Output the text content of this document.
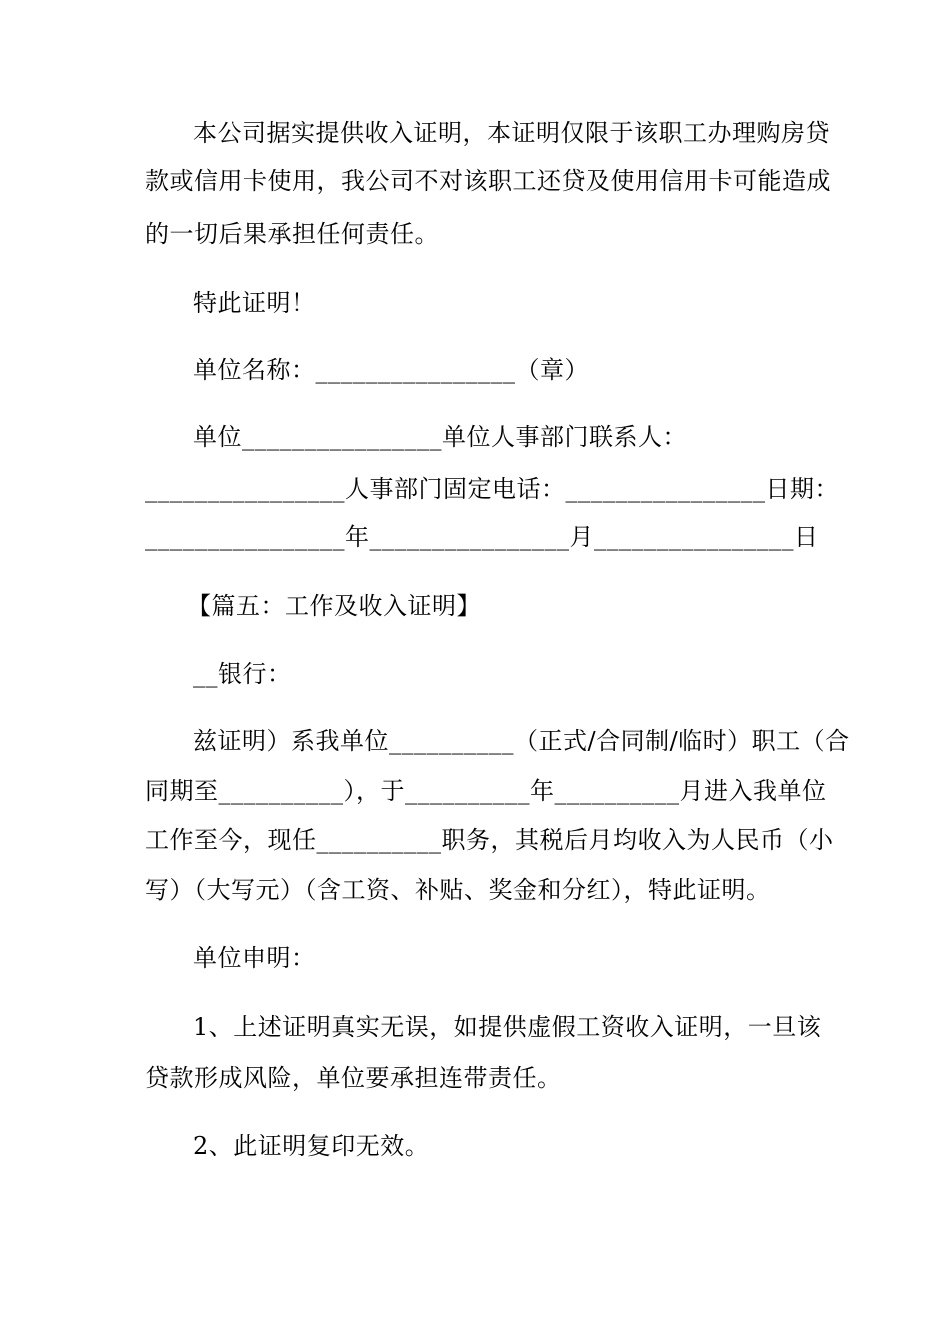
本公司据实提供收入证明，本证明仅限于该职工办理购房贷
款或信用卡使用，我公司不对该职工还贷及使用信用卡可能造成
的一切后果承担任何责任。
特此证明！
单位名称：________________（章）
单位________________单位人事部门联系人：
________________人事部门固定电话：________________日期：
________________年________________月________________日
【篇五：工作及收入证明】
__银行：
兹证明）系我单位__________（正式/合同制/临时）职工（合
同期至__________），于__________年__________月进入我单位
工作至今，现任__________职务，其税后月均收入为人民币（小
写）（大写元）（含工资、补贴、奖金和分红），特此证明。
单位申明：
1、上述证明真实无误，如提供虚假工资收入证明，一旦该
贷款形成风险，单位要承担连带责任。
2、此证明复印无效。
